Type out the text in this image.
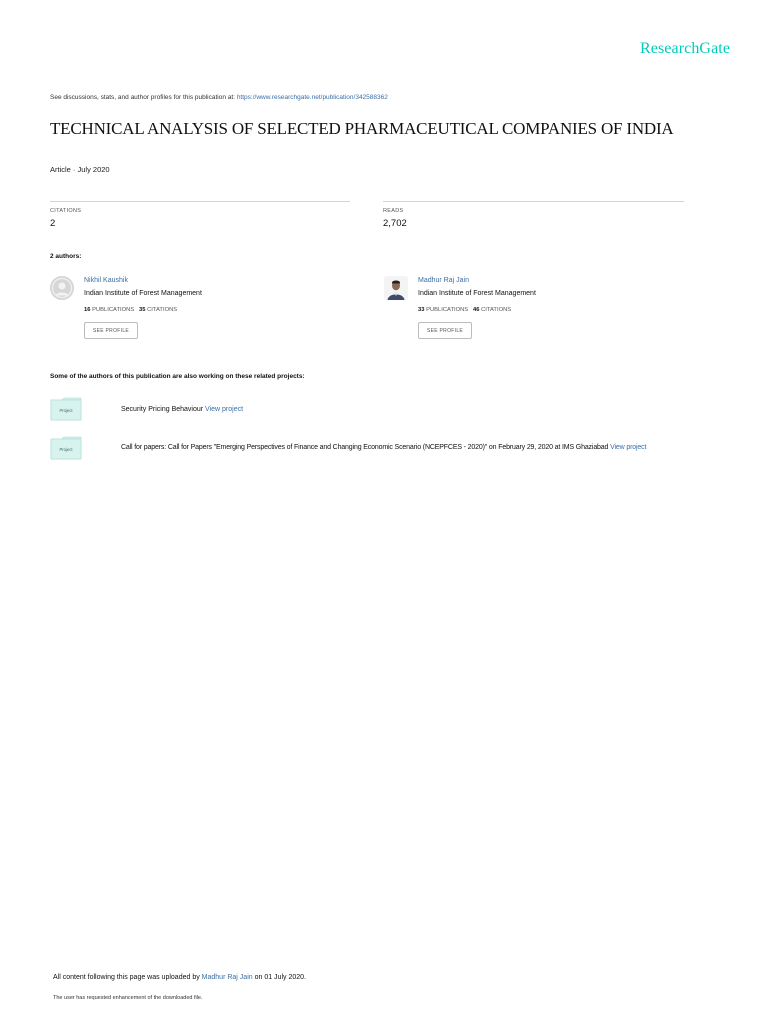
ResearchGate
See discussions, stats, and author profiles for this publication at: https://www.researchgate.net/publication/342588362
TECHNICAL ANALYSIS OF SELECTED PHARMACEUTICAL COMPANIES OF INDIA
Article · July 2020
CITATIONS
2
READS
2,702
2 authors:
Nikhil Kaushik
Indian Institute of Forest Management
16 PUBLICATIONS 35 CITATIONS
SEE PROFILE
Madhur Raj Jain
Indian Institute of Forest Management
33 PUBLICATIONS 46 CITATIONS
SEE PROFILE
Some of the authors of this publication are also working on these related projects:
Project	Security Pricing Behaviour View project
Project	Call for papers: Call for Papers "Emerging Perspectives of Finance and Changing Economic Scenario (NCEPFCES - 2020)" on February 29, 2020 at IMS Ghaziabad View project
All content following this page was uploaded by Madhur Raj Jain on 01 July 2020.
The user has requested enhancement of the downloaded file.
